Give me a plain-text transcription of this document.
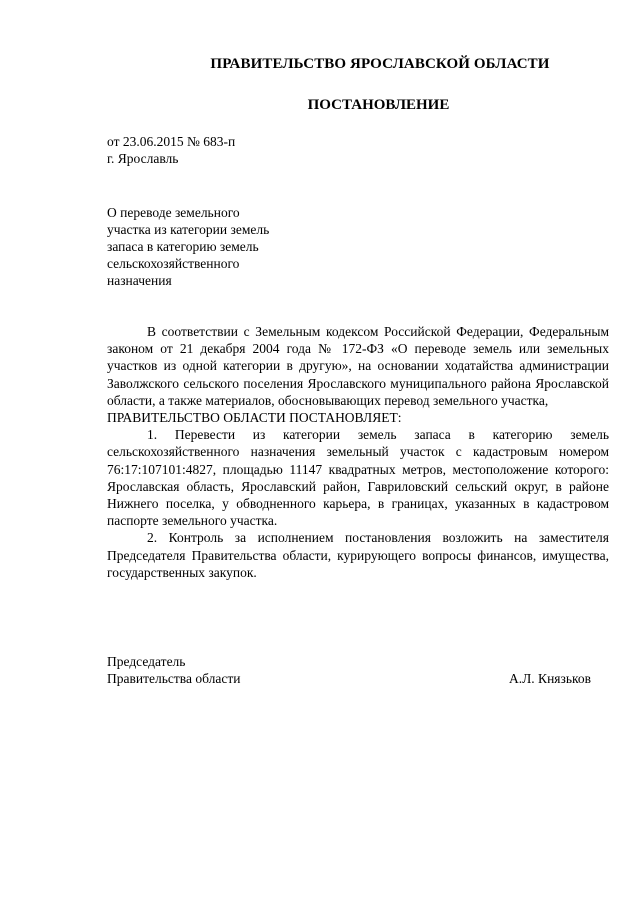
ПРАВИТЕЛЬСТВО ЯРОСЛАВСКОЙ ОБЛАСТИ
ПОСТАНОВЛЕНИЕ
от 23.06.2015 № 683-п
г. Ярославль
О переводе земельного
участка из категории земель
запаса в категорию земель
сельскохозяйственного
назначения

В соответствии с Земельным кодексом Российской Федерации, Федеральным законом от 21 декабря 2004 года № 172-ФЗ «О переводе земель или земельных участков из одной категории в другую», на основании ходатайства администрации Заволжского сельского поселения Ярославского муниципального района Ярославской области, а также материалов, обосновывающих перевод земельного участка,

ПРАВИТЕЛЬСТВО ОБЛАСТИ ПОСТАНОВЛЯЕТ:

1. Перевести из категории земель запаса в категорию земель сельскохозяйственного назначения земельный участок с кадастровым номером 76:17:107101:4827, площадью 11147 квадратных метров, местоположение которого: Ярославская область, Ярославский район, Гавриловский сельский округ, в районе Нижнего поселка, у обводненного карьера, в границах, указанных в кадастровом паспорте земельного участка.

2. Контроль за исполнением постановления возложить на заместителя Председателя Правительства области, курирующего вопросы финансов, имущества, государственных закупок.

Председатель
Правительства области	А.Л. Князьков
